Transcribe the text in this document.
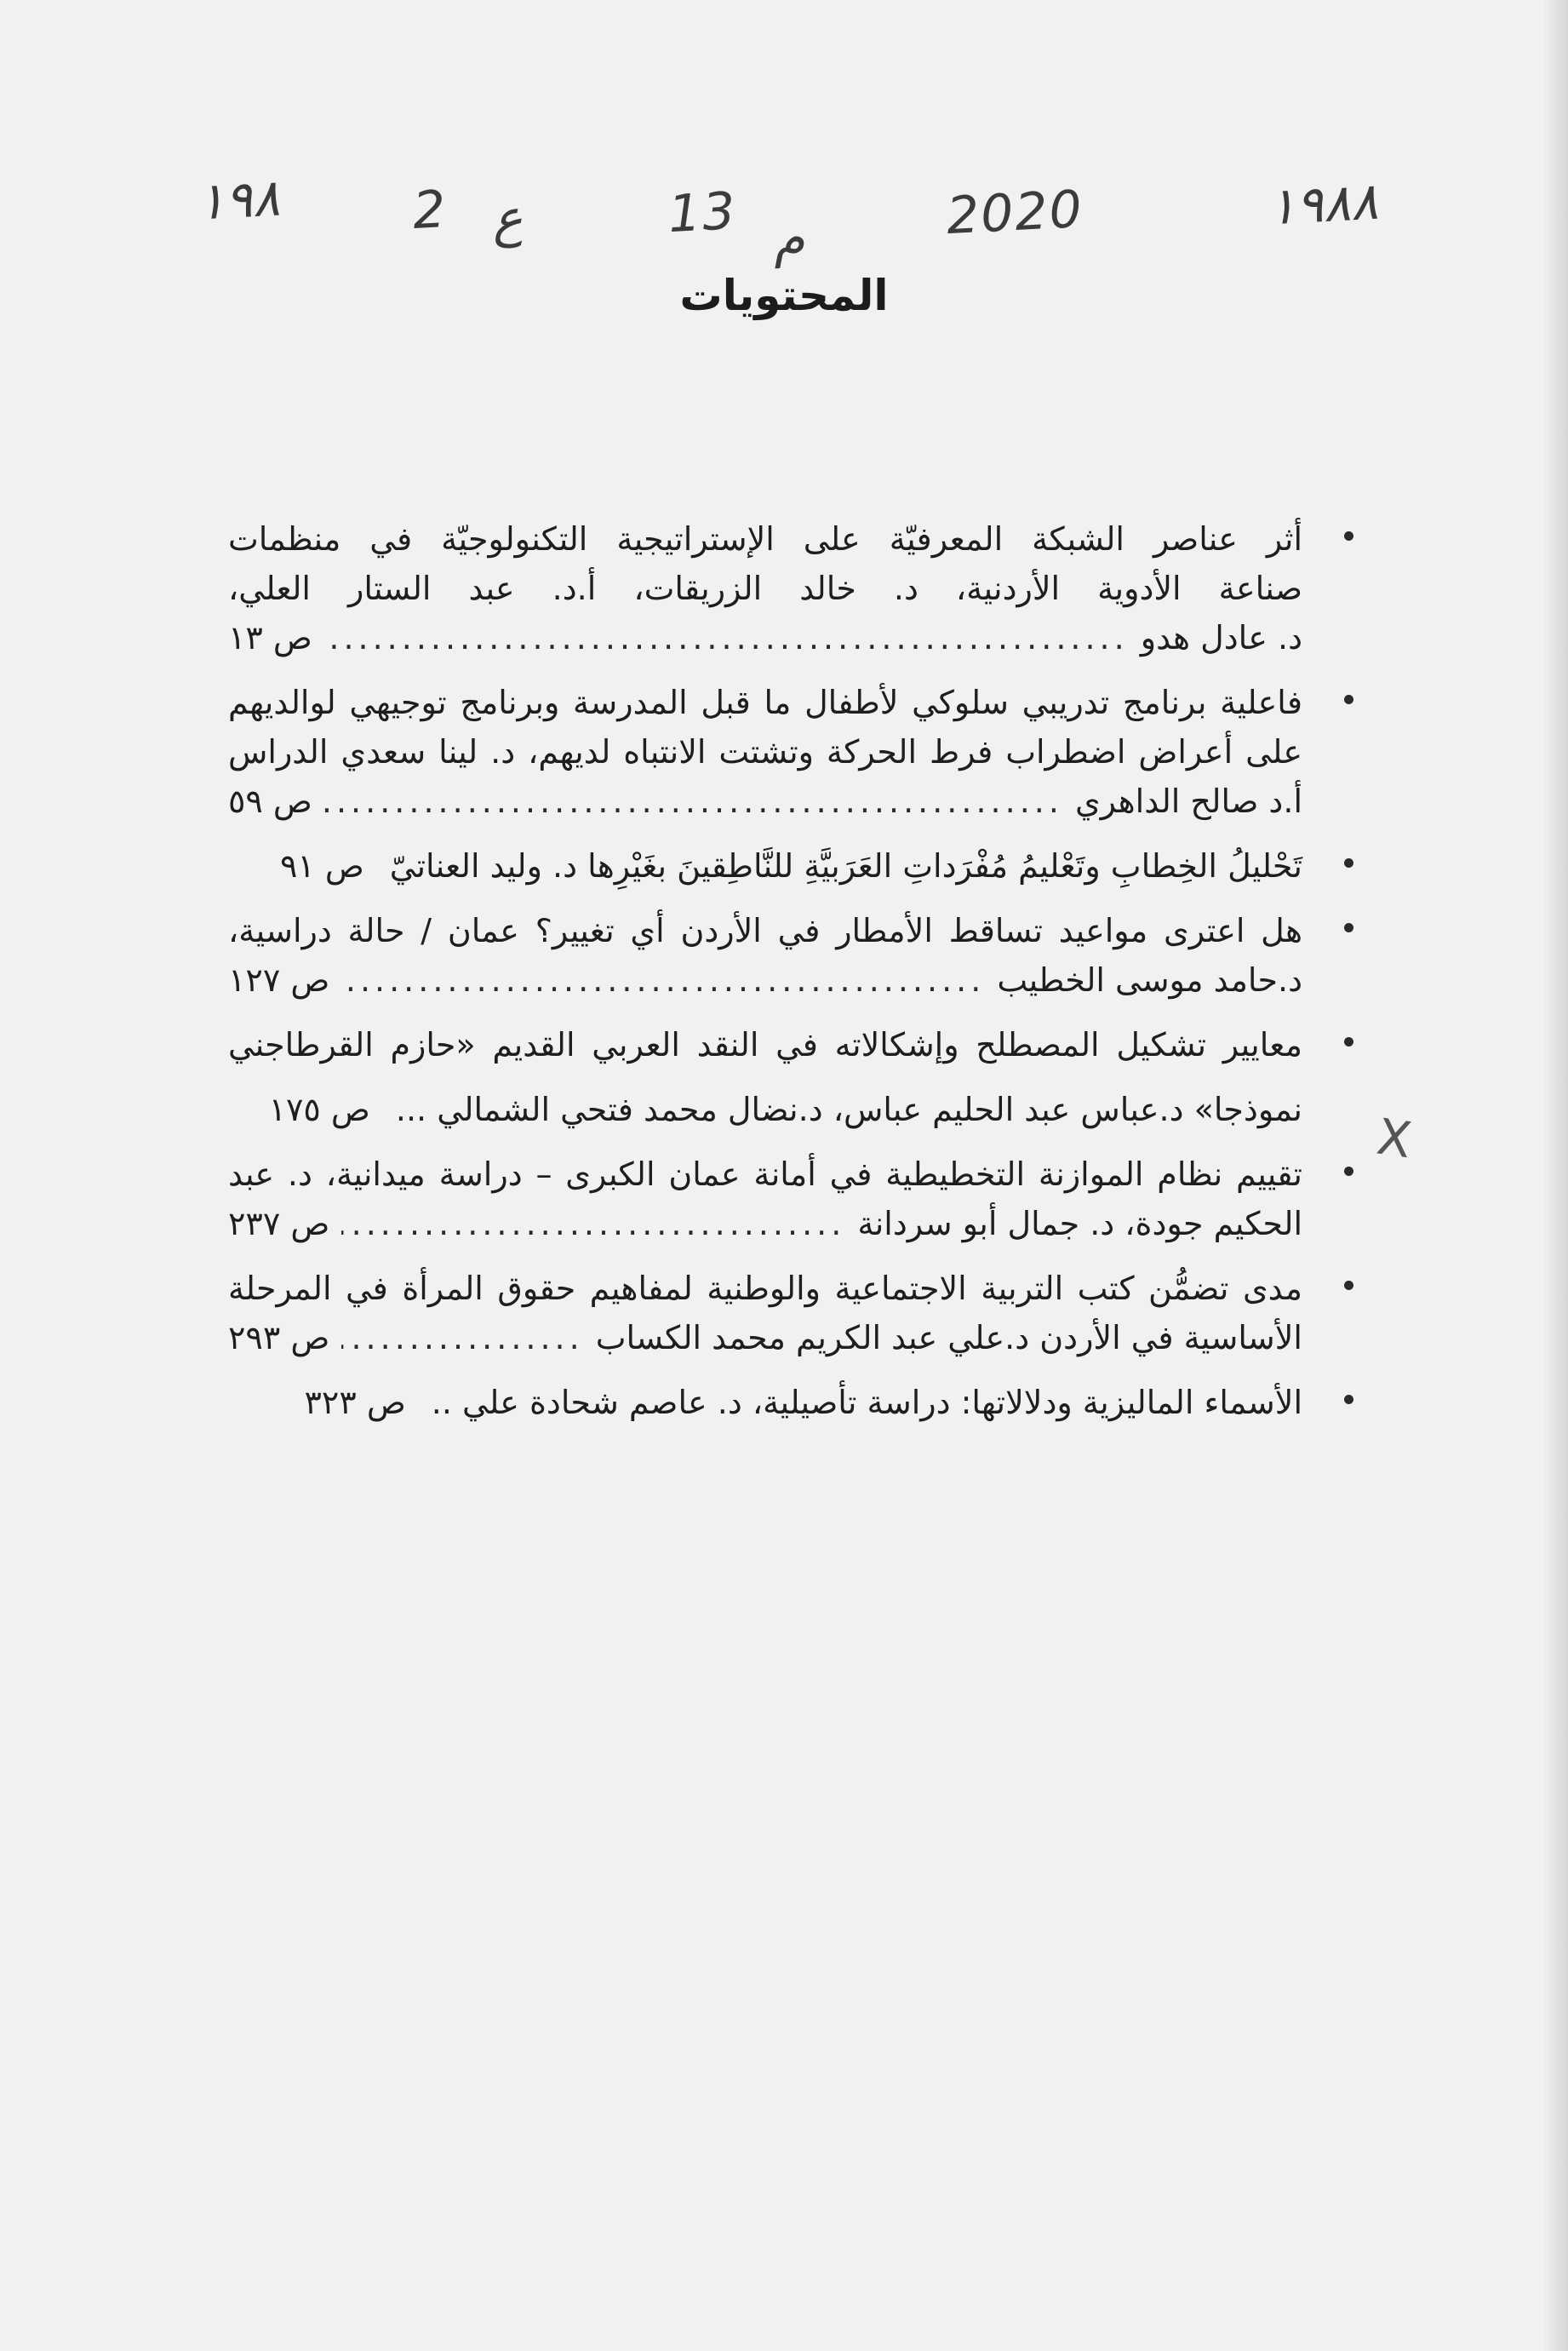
١٩٨٨
2020
م
13
ع
2
١٩٨
المحتويات
X
أثر عناصر الشبكة المعرفيّة على الإستراتيجية التكنولوجيّة في منظمات
صناعة الأدوية الأردنية، د. خالد الزريقات، أ.د. عبد الستار العلي،
د. عادل هدو
.....
ص ١٣
فاعلية برنامج تدريبي سلوكي لأطفال ما قبل المدرسة وبرنامج توجيهي لوالديهم
على أعراض اضطراب فرط الحركة وتشتت الانتباه لديهم، د. لينا سعدي الدراس
أ.د صالح الداهري
.....
ص ٥٩
تَحْليلُ الخِطابِ وتَعْليمُ مُفْرَداتِ العَرَبيَّةِ للنَّاطِقينَ بغَيْرِها د. وليد العناتيّ
ص ٩١
هل اعترى مواعيد تساقط الأمطار في الأردن أي تغيير؟ عمان / حالة دراسية،
د.حامد موسى الخطيب
.....
ص ١٢٧
معايير تشكيل المصطلح وإشكالاته في النقد العربي القديم «حازم القرطاجني
نموذجا» د.عباس عبد الحليم عباس، د.نضال محمد فتحي الشمالي ...
ص ١٧٥
تقييم نظام الموازنة التخطيطية في أمانة عمان الكبرى – دراسة ميدانية، د. عبد
الحكيم جودة، د. جمال أبو سردانة
.....
ص ٢٣٧
مدى تضمُّن كتب التربية الاجتماعية والوطنية لمفاهيم حقوق المرأة في المرحلة
الأساسية في الأردن د.علي عبد الكريم محمد الكساب
.....
ص ٢٩٣
الأسماء الماليزية ودلالاتها: دراسة تأصيلية، د. عاصم شحادة علي ..
ص ٣٢٣
